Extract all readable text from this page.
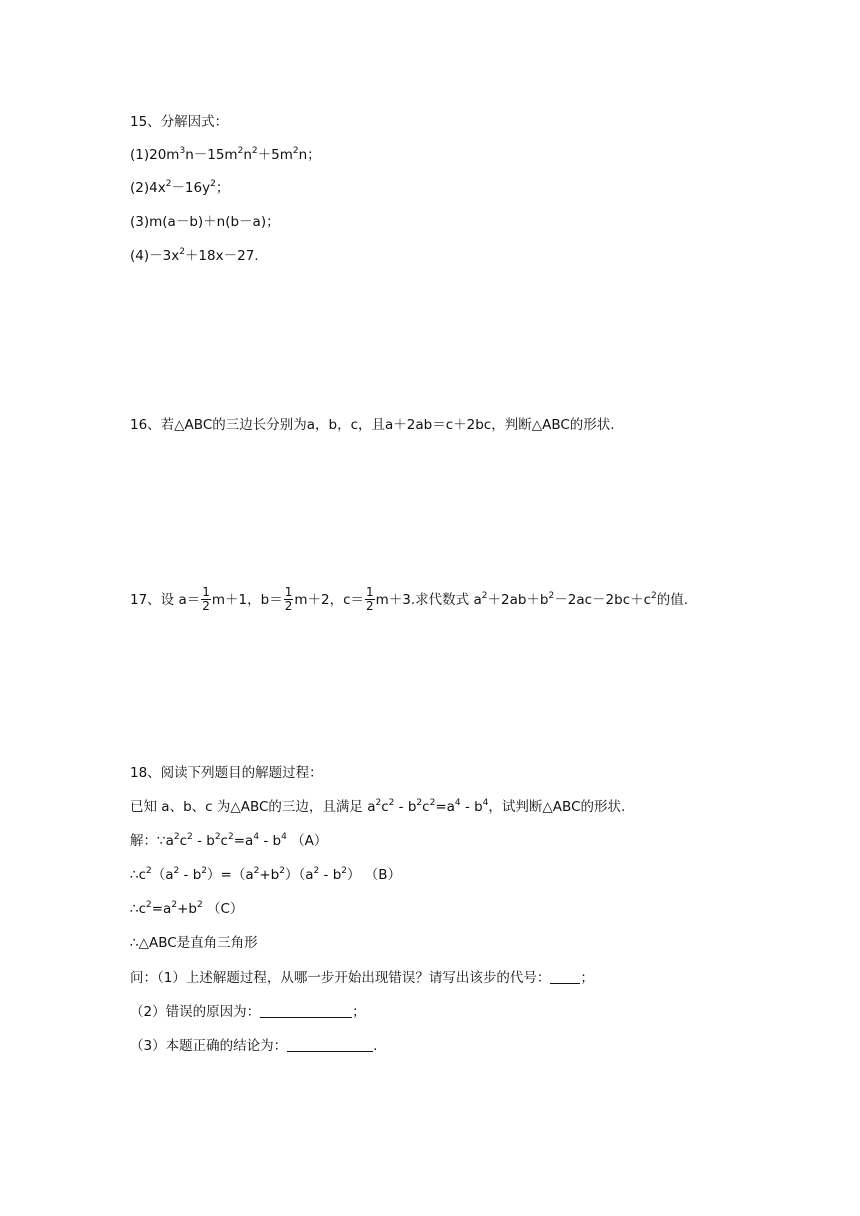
15、分解因式：
$(1)20m^3n-15m^2n^2+5m^2n$；
$(2)4x^2-16y^2$；
(3)m(a－b)＋n(b－a)；
$(4)-3x^2+18x-27$.
16、若△ABC的三边长分别为a，b，c，且a＋2ab＝c＋2bc，判断△ABC的形状.
17、设 $a= \frac{1}{2} m+1$，$b= \frac{1}{2} m+2$，$c= \frac{1}{2} m+3$.求代数式 $a^2+2ab+b^2-2ac-2bc+c^2$的值.
18、阅读下列题目的解题过程：
已知 a、b、c 为△ABC的三边，且满足 $a^2c^2 - b^2c^2=a^4 - b^4$，试判断△ABC的形状.
解：$\because a^2c^2 - b^2c^2=a^4 - b^4$ （A）
$\therefore c^2(a^2 - b^2)=(a^2+b^2)(a^2 - b^2)$ （B）
$\therefore c^2=a^2+b^2$ （C）
∴△ABC是直角三角形
问：（1）上述解题过程，从哪一步开始出现错误？请写出该步的代号： ；
（2）错误的原因为：	；
（3）本题正确的结论为：	.
